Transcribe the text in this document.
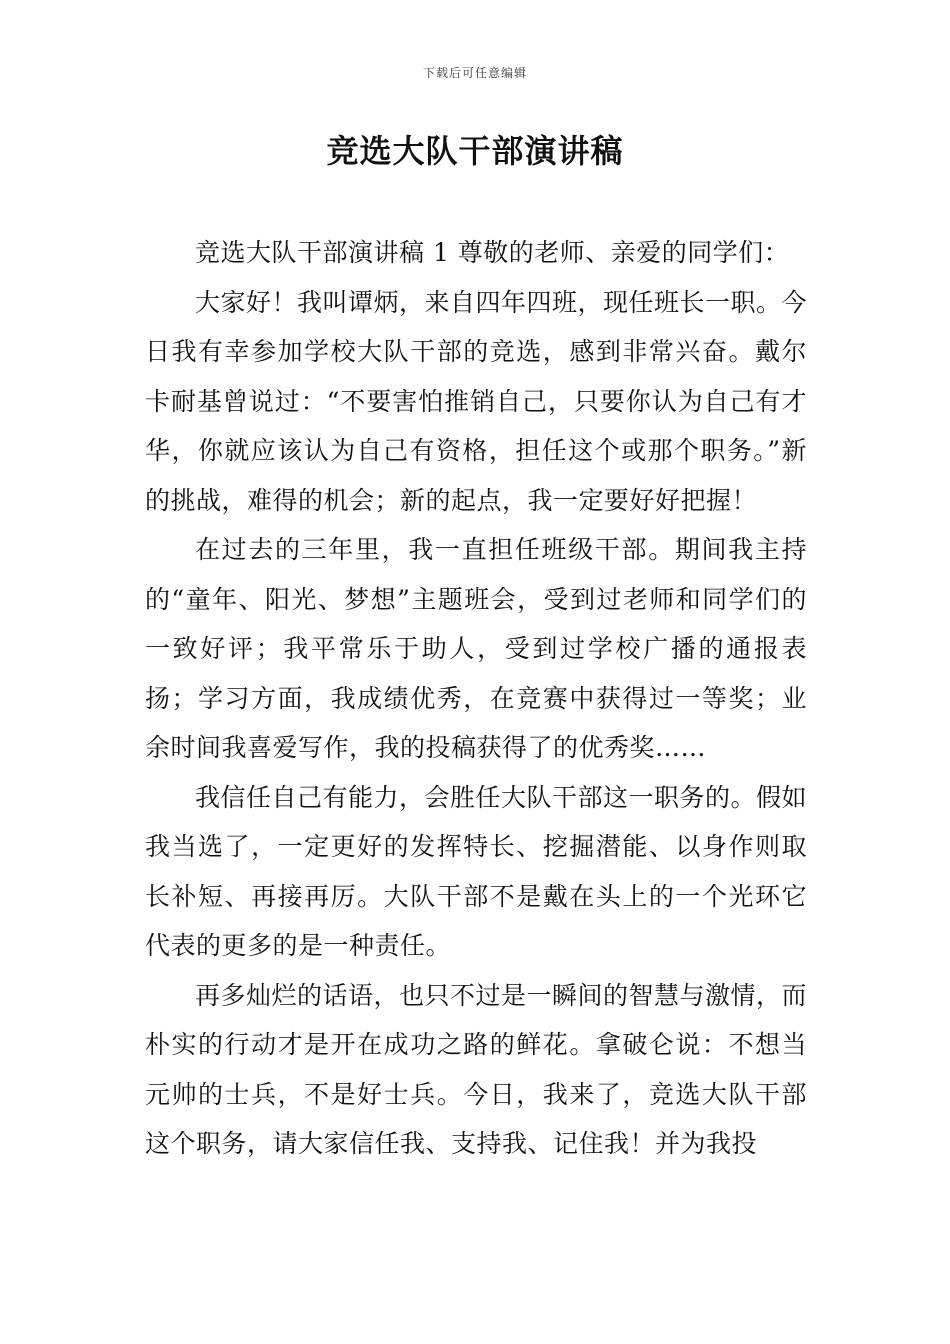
下载后可任意编辑
竞选大队干部演讲稿

竞选大队干部演讲稿 1 尊敬的老师、亲爱的同学们：

大家好！我叫谭炳，来自四年四班，现任班长一职。今日我有幸参加学校大队干部的竞选，感到非常兴奋。戴尔卡耐基曾说过：“不要害怕推销自己，只要你认为自己有才华，你就应该认为自己有资格，担任这个或那个职务。”新的挑战，难得的机会；新的起点，我一定要好好把握！

在过去的三年里，我一直担任班级干部。期间我主持的“童年、阳光、梦想”主题班会，受到过老师和同学们的一致好评；我平常乐于助人，受到过学校广播的通报表扬；学习方面，我成绩优秀，在竞赛中获得过一等奖；业余时间我喜爱写作，我的投稿获得了的优秀奖……

我信任自己有能力，会胜任大队干部这一职务的。假如我当选了，一定更好的发挥特长、挖掘潜能、以身作则取长补短、再接再厉。大队干部不是戴在头上的一个光环它代表的更多的是一种责任。

再多灿烂的话语，也只不过是一瞬间的智慧与激情，而朴实的行动才是开在成功之路的鲜花。拿破仑说：不想当元帅的士兵，不是好士兵。今日，我来了，竞选大队干部这个职务，请大家信任我、支持我、记住我！并为我投
